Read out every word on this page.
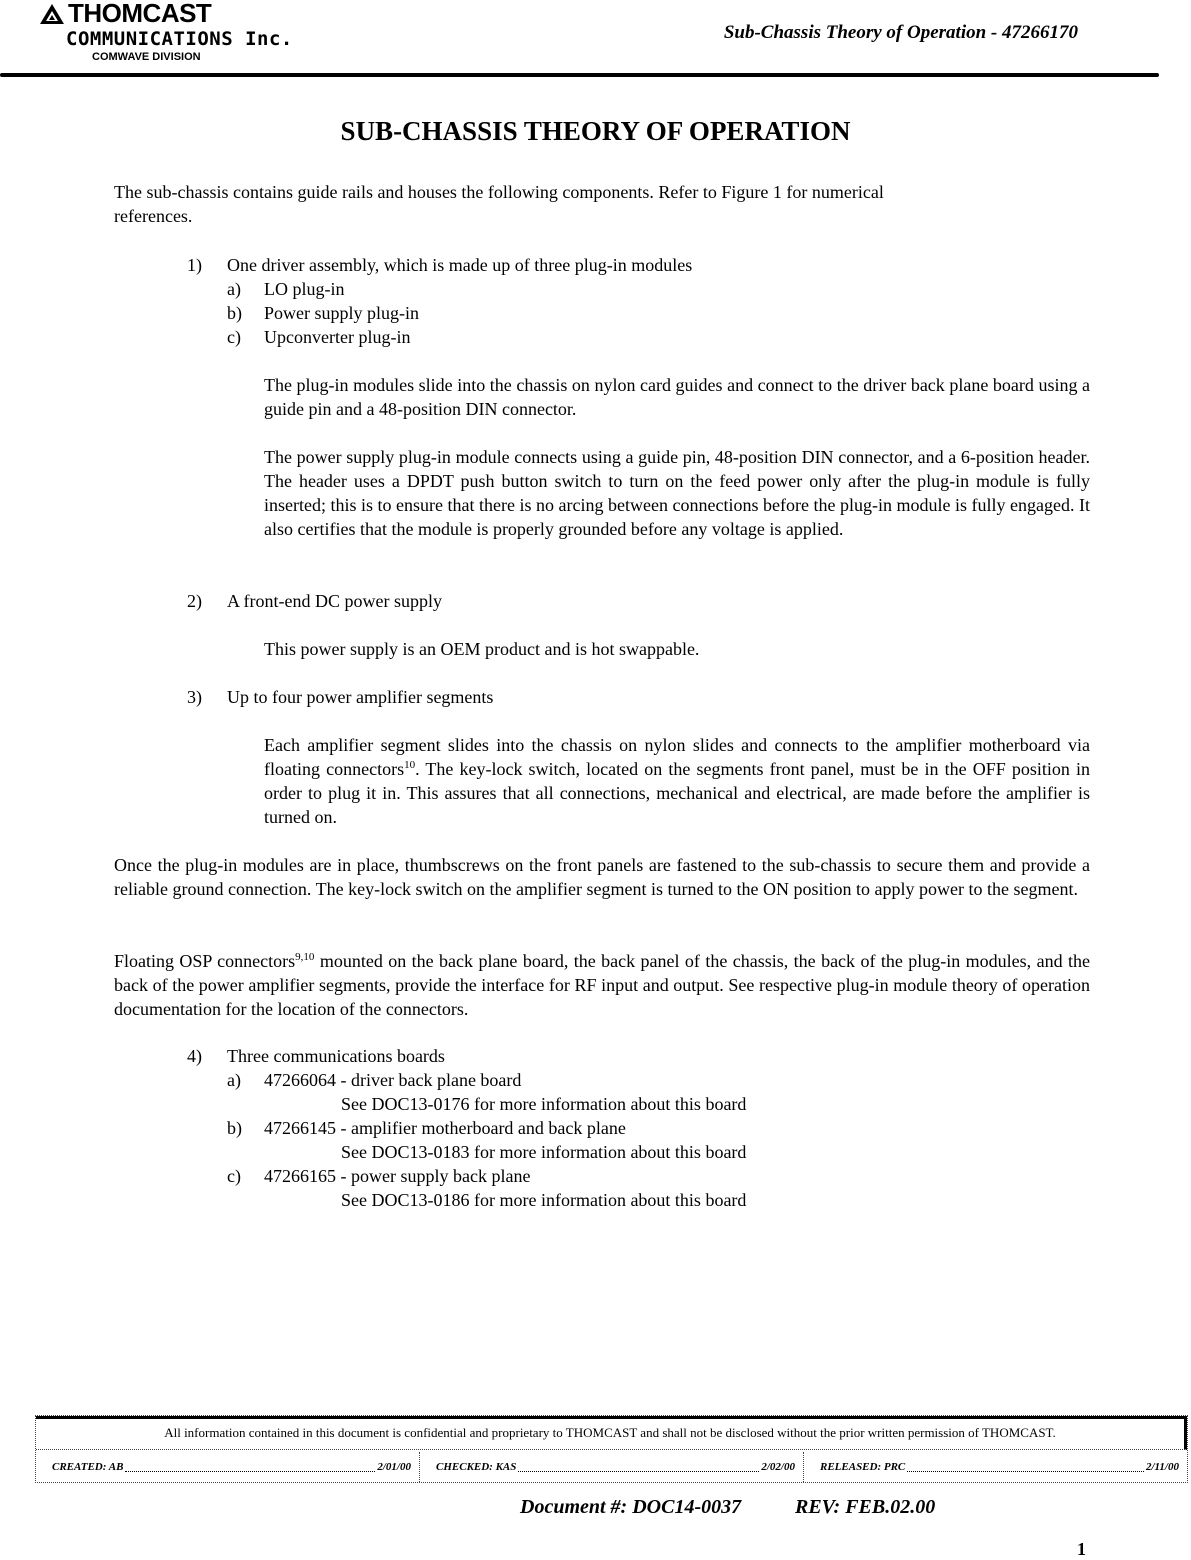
THOMCAST
COMMUNICATIONS Inc.
COMWAVE DIVISION
Sub-Chassis Theory of Operation - 47266170
SUB-CHASSIS THEORY OF OPERATION
The sub-chassis contains guide rails and houses the following components. Refer to Figure 1 for numerical
references.
1) One driver assembly, which is made up of three plug-in modules
a) LO plug-in
b) Power supply plug-in
c) Upconverter plug-in
The plug-in modules slide into the chassis on nylon card guides and connect to the driver back plane board using a guide pin and a 48-position DIN connector.
The power supply plug-in module connects using a guide pin, 48-position DIN connector, and a 6-position header. The header uses a DPDT push button switch to turn on the feed power only after the plug-in module is fully inserted; this is to ensure that there is no arcing between connections before the plug-in module is fully engaged. It also certifies that the module is properly grounded before any voltage is applied.
2) A front-end DC power supply
This power supply is an OEM product and is hot swappable.
3) Up to four power amplifier segments
Each amplifier segment slides into the chassis on nylon slides and connects to the amplifier motherboard via floating connectors$^{10}$. The key-lock switch, located on the segments front panel, must be in the OFF position in order to plug it in. This assures that all connections, mechanical and electrical, are made before the amplifier is turned on.
Once the plug-in modules are in place, thumbscrews on the front panels are fastened to the sub-chassis to secure them and provide a reliable ground connection. The key-lock switch on the amplifier segment is turned to the ON position to apply power to the segment.
Floating OSP connectors$^{9,10}$ mounted on the back plane board, the back panel of the chassis, the back of the plug-in modules, and the back of the power amplifier segments, provide the interface for RF input and output. See respective plug-in module theory of operation documentation for the location of the connectors.
4) Three communications boards
a) 47266064 - driver back plane board
See DOC13-0176 for more information about this board
b) 47266145 - amplifier motherboard and back plane
See DOC13-0183 for more information about this board
c) 47266165 - power supply back plane
See DOC13-0186 for more information about this board
All information contained in this document is confidential and proprietary to THOMCAST and shall not be disclosed without the prior written permission of THOMCAST.
CREATED: AB	2/01/00 CHECKED: KAS	2/02/00 RELEASED: PRC	2/11/00
Document #: DOC14-0037	REV: FEB.02.00
1
